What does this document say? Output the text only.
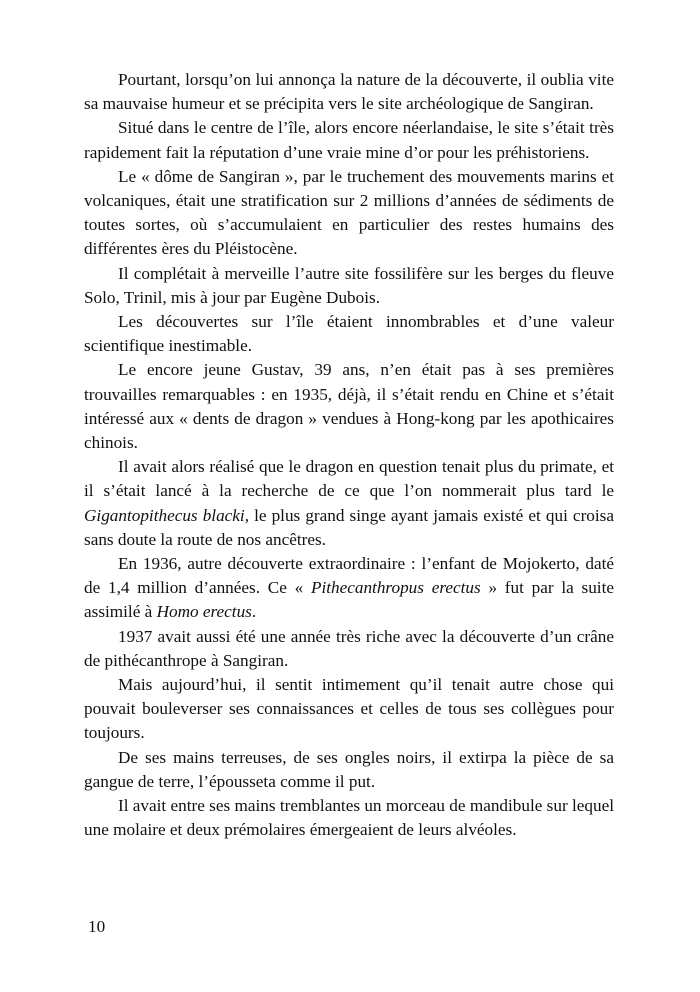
Pourtant, lorsqu’on lui annonça la nature de la découverte, il oublia vite sa mauvaise humeur et se précipita vers le site archéologique de Sangiran.

Situé dans le centre de l’île, alors encore néerlandaise, le site s’était très rapidement fait la réputation d’une vraie mine d’or pour les préhistoriens.

Le « dôme de Sangiran », par le truchement des mouvements marins et volcaniques, était une stratification sur 2 millions d’années de sédiments de toutes sortes, où s’accumulaient en particulier des restes humains des différentes ères du Pléistocène.

Il complétait à merveille l’autre site fossilifère sur les berges du fleuve Solo, Trinil, mis à jour par Eugène Dubois.

Les découvertes sur l’île étaient innombrables et d’une valeur scientifique inestimable.

Le encore jeune Gustav, 39 ans, n’en était pas à ses premières trouvailles remarquables : en 1935, déjà, il s’était rendu en Chine et s’était intéressé aux « dents de dragon » vendues à Hong-kong par les apothicaires chinois.

Il avait alors réalisé que le dragon en question tenait plus du primate, et il s’était lancé à la recherche de ce que l’on nommerait plus tard le Gigantopithecus blacki, le plus grand singe ayant jamais existé et qui croisa sans doute la route de nos ancêtres.

En 1936, autre découverte extraordinaire : l’enfant de Mojokerto, daté de 1,4 million d’années. Ce « Pithecanthropus erectus » fut par la suite assimilé à Homo erectus.

1937 avait aussi été une année très riche avec la découverte d’un crâne de pithécanthrope à Sangiran.

Mais aujourd’hui, il sentit intimement qu’il tenait autre chose qui pouvait bouleverser ses connaissances et celles de tous ses collègues pour toujours.

De ses mains terreuses, de ses ongles noirs, il extirpa la pièce de sa gangue de terre, l’épousseta comme il put.

Il avait entre ses mains tremblantes un morceau de mandibule sur lequel une molaire et deux prémolaires émergeaient de leurs alvéoles.

10
